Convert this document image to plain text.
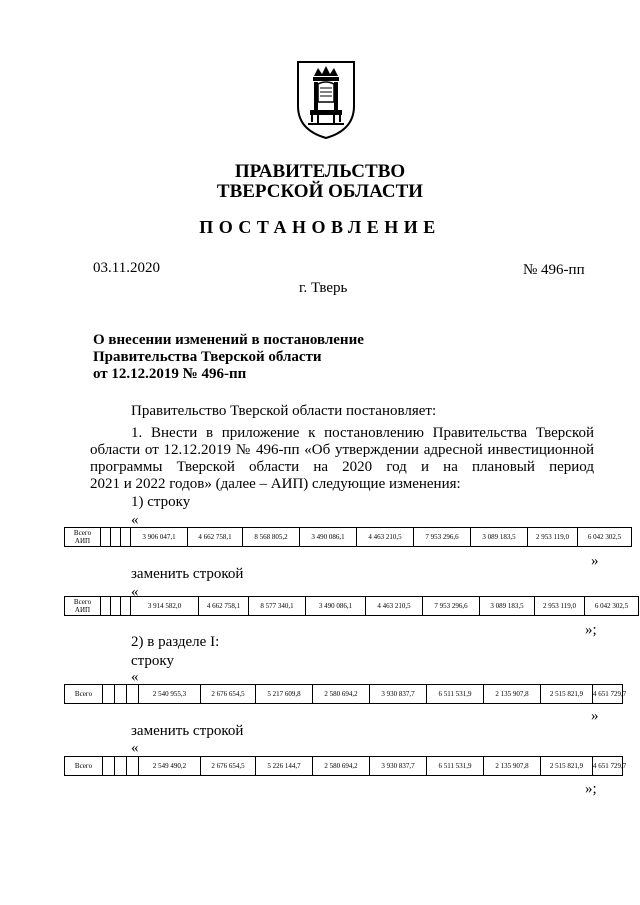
ПРАВИТЕЛЬСТВО
ТВЕРСКОЙ ОБЛАСТИ
ПОСТАНОВЛЕНИЕ
03.11.2020	№ 496-пп
г. Тверь
О внесении изменений в постановление
Правительства Тверской области
от 12.12.2019 № 496-пп
Правительство Тверской области постановляет:
1. Внести в приложение к постановлению Правительства Тверской
области от 12.12.2019 № 496-пп «Об утверждении адресной инвестиционной
программы Тверской области на 2020 год и на плановый период
2021 и 2022 годов» (далее – АИП) следующие изменения:
1) строку
«
Всего
АИП				3 906 047,1	4 662 758,1	8 568 805,2	3 490 086,1	4 463 210,5	7 953 296,6	3 089 183,5	2 953 119,0	6 042 302,5
»
заменить строкой
«
Всего
АИП				3 914 582,0	4 662 758,1	8 577 340,1	3 490 086,1	4 463 210,5	7 953 296,6	3 089 183,5	2 953 119,0	6 042 302,5
»;
2) в разделе I:
строку
«
Всего				2 540 955,3	2 676 654,5	5 217 609,8	2 580 694,2	3 930 837,7	6 511 531,9	2 135 907,8	2 515 821,9	4 651 729,7
»
заменить строкой
«
Всего				2 549 490,2	2 676 654,5	5 226 144,7	2 580 694,2	3 930 837,7	6 511 531,9	2 135 907,8	2 515 821,9	4 651 729,7
»;
